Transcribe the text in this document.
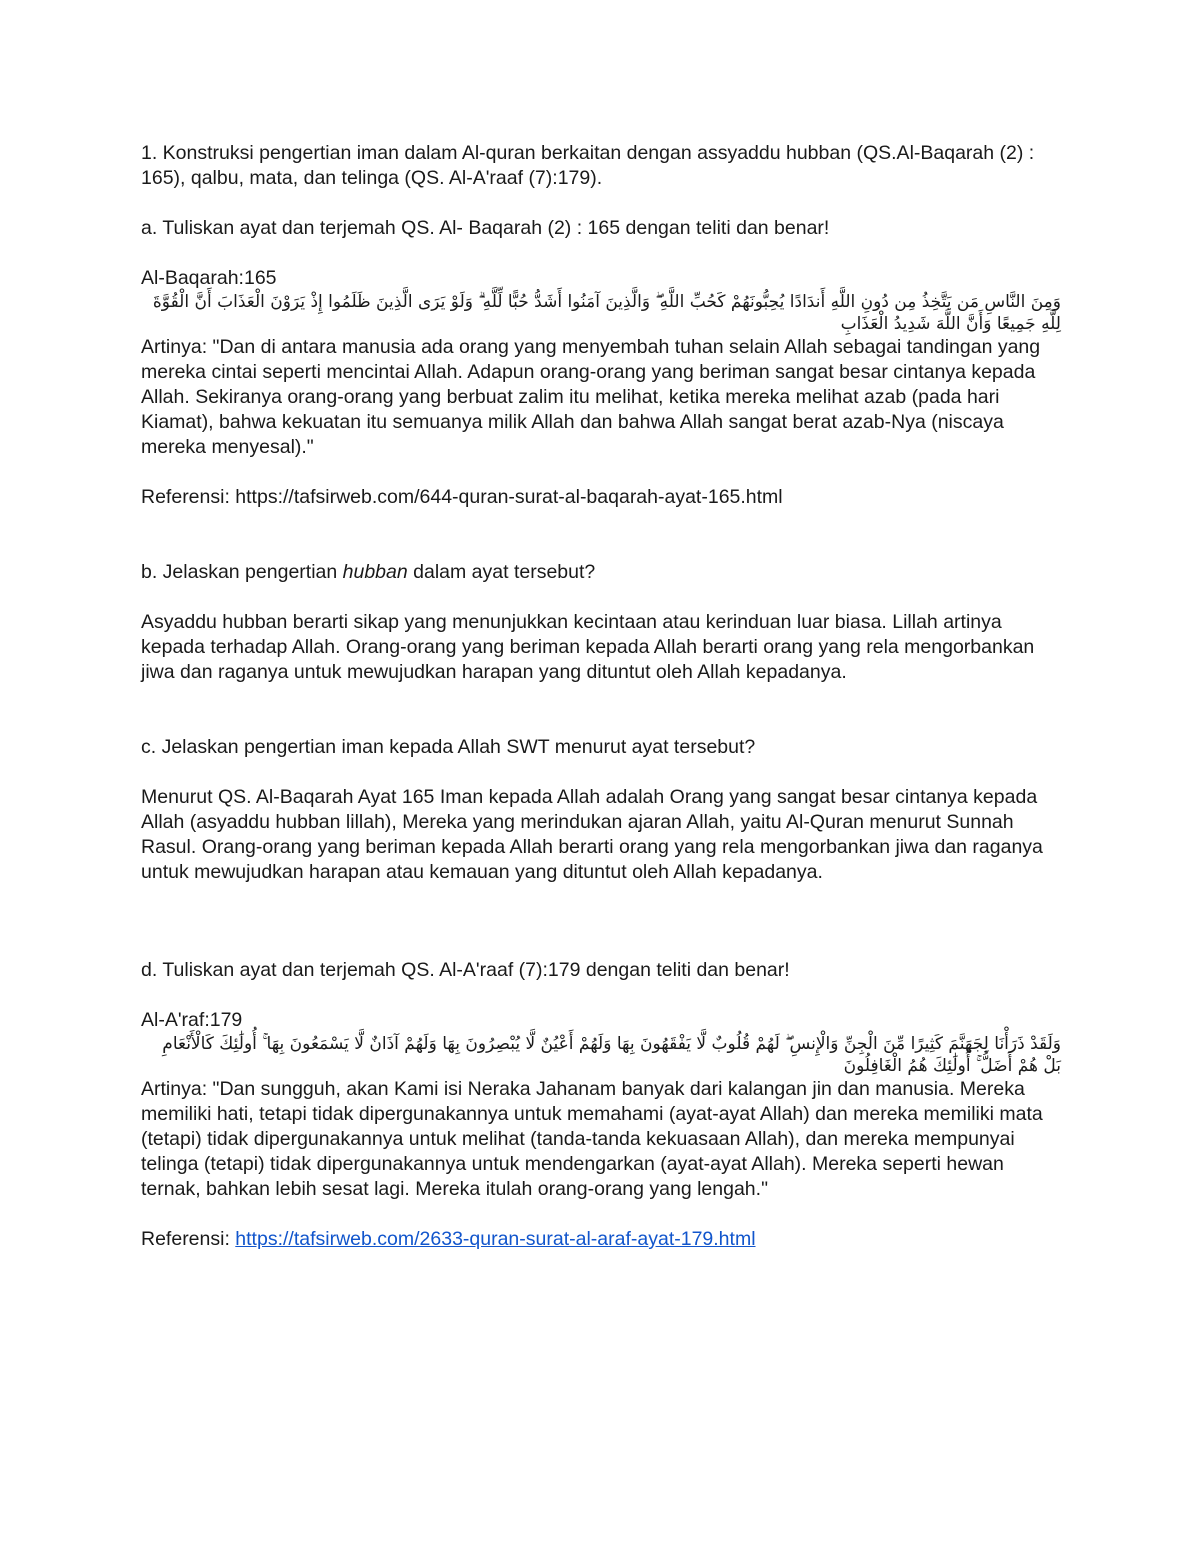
1. Konstruksi pengertian iman dalam Al-quran berkaitan dengan assyaddu hubban (QS.Al-Baqarah (2) : 165), qalbu, mata, dan telinga (QS. Al-A'raaf (7):179).

a. Tuliskan ayat dan terjemah QS. Al- Baqarah (2) : 165 dengan teliti dan benar!

Al-Baqarah:165

وَمِنَ النَّاسِ مَن يَتَّخِذُ مِن دُونِ اللَّهِ أَندَادًا يُحِبُّونَهُمْ كَحُبِّ اللَّهِ ۖ وَالَّذِينَ آمَنُوا أَشَدُّ حُبًّا لِّلَّهِ ۗ وَلَوْ يَرَى الَّذِينَ ظَلَمُوا إِذْ يَرَوْنَ الْعَذَابَ أَنَّ الْقُوَّةَ لِلَّهِ جَمِيعًا وَأَنَّ اللَّهَ شَدِيدُ الْعَذَابِ

Artinya: "Dan di antara manusia ada orang yang menyembah tuhan selain Allah sebagai tandingan yang mereka cintai seperti mencintai Allah. Adapun orang-orang yang beriman sangat besar cintanya kepada Allah. Sekiranya orang-orang yang berbuat zalim itu melihat, ketika mereka melihat azab (pada hari Kiamat), bahwa kekuatan itu semuanya milik Allah dan bahwa Allah sangat berat azab-Nya (niscaya mereka menyesal)."

Referensi: https://tafsirweb.com/644-quran-surat-al-baqarah-ayat-165.html

b. Jelaskan pengertian hubban dalam ayat tersebut?

Asyaddu hubban berarti sikap yang menunjukkan kecintaan atau kerinduan luar biasa. Lillah artinya kepada terhadap Allah. Orang-orang yang beriman kepada Allah berarti orang yang rela mengorbankan jiwa dan raganya untuk mewujudkan harapan yang dituntut oleh Allah kepadanya.

c. Jelaskan pengertian iman kepada Allah SWT menurut ayat tersebut?

Menurut QS. Al-Baqarah Ayat 165 Iman kepada Allah adalah Orang yang sangat besar cintanya kepada Allah (asyaddu hubban lillah), Mereka yang merindukan ajaran Allah, yaitu Al-Quran menurut Sunnah Rasul. Orang-orang yang beriman kepada Allah berarti orang yang rela mengorbankan jiwa dan raganya untuk mewujudkan harapan atau kemauan yang dituntut oleh Allah kepadanya.

d. Tuliskan ayat dan terjemah QS. Al-A'raaf (7):179 dengan teliti dan benar!

Al-A'raf:179

وَلَقَدْ ذَرَأْنَا لِجَهَنَّمَ كَثِيرًا مِّنَ الْجِنِّ وَالْإِنسِ ۖ لَهُمْ قُلُوبٌ لَّا يَفْقَهُونَ بِهَا وَلَهُمْ أَعْيُنٌ لَّا يُبْصِرُونَ بِهَا وَلَهُمْ آذَانٌ لَّا يَسْمَعُونَ بِهَا ۚ أُولَٰئِكَ كَالْأَنْعَامِ بَلْ هُمْ أَضَلُّ ۚ أُولَٰئِكَ هُمُ الْغَافِلُونَ

Artinya: "Dan sungguh, akan Kami isi Neraka Jahanam banyak dari kalangan jin dan manusia. Mereka memiliki hati, tetapi tidak dipergunakannya untuk memahami (ayat-ayat Allah) dan mereka memiliki mata (tetapi) tidak dipergunakannya untuk melihat (tanda-tanda kekuasaan Allah), dan mereka mempunyai telinga (tetapi) tidak dipergunakannya untuk mendengarkan (ayat-ayat Allah). Mereka seperti hewan ternak, bahkan lebih sesat lagi. Mereka itulah orang-orang yang lengah."

Referensi: https://tafsirweb.com/2633-quran-surat-al-araf-ayat-179.html
